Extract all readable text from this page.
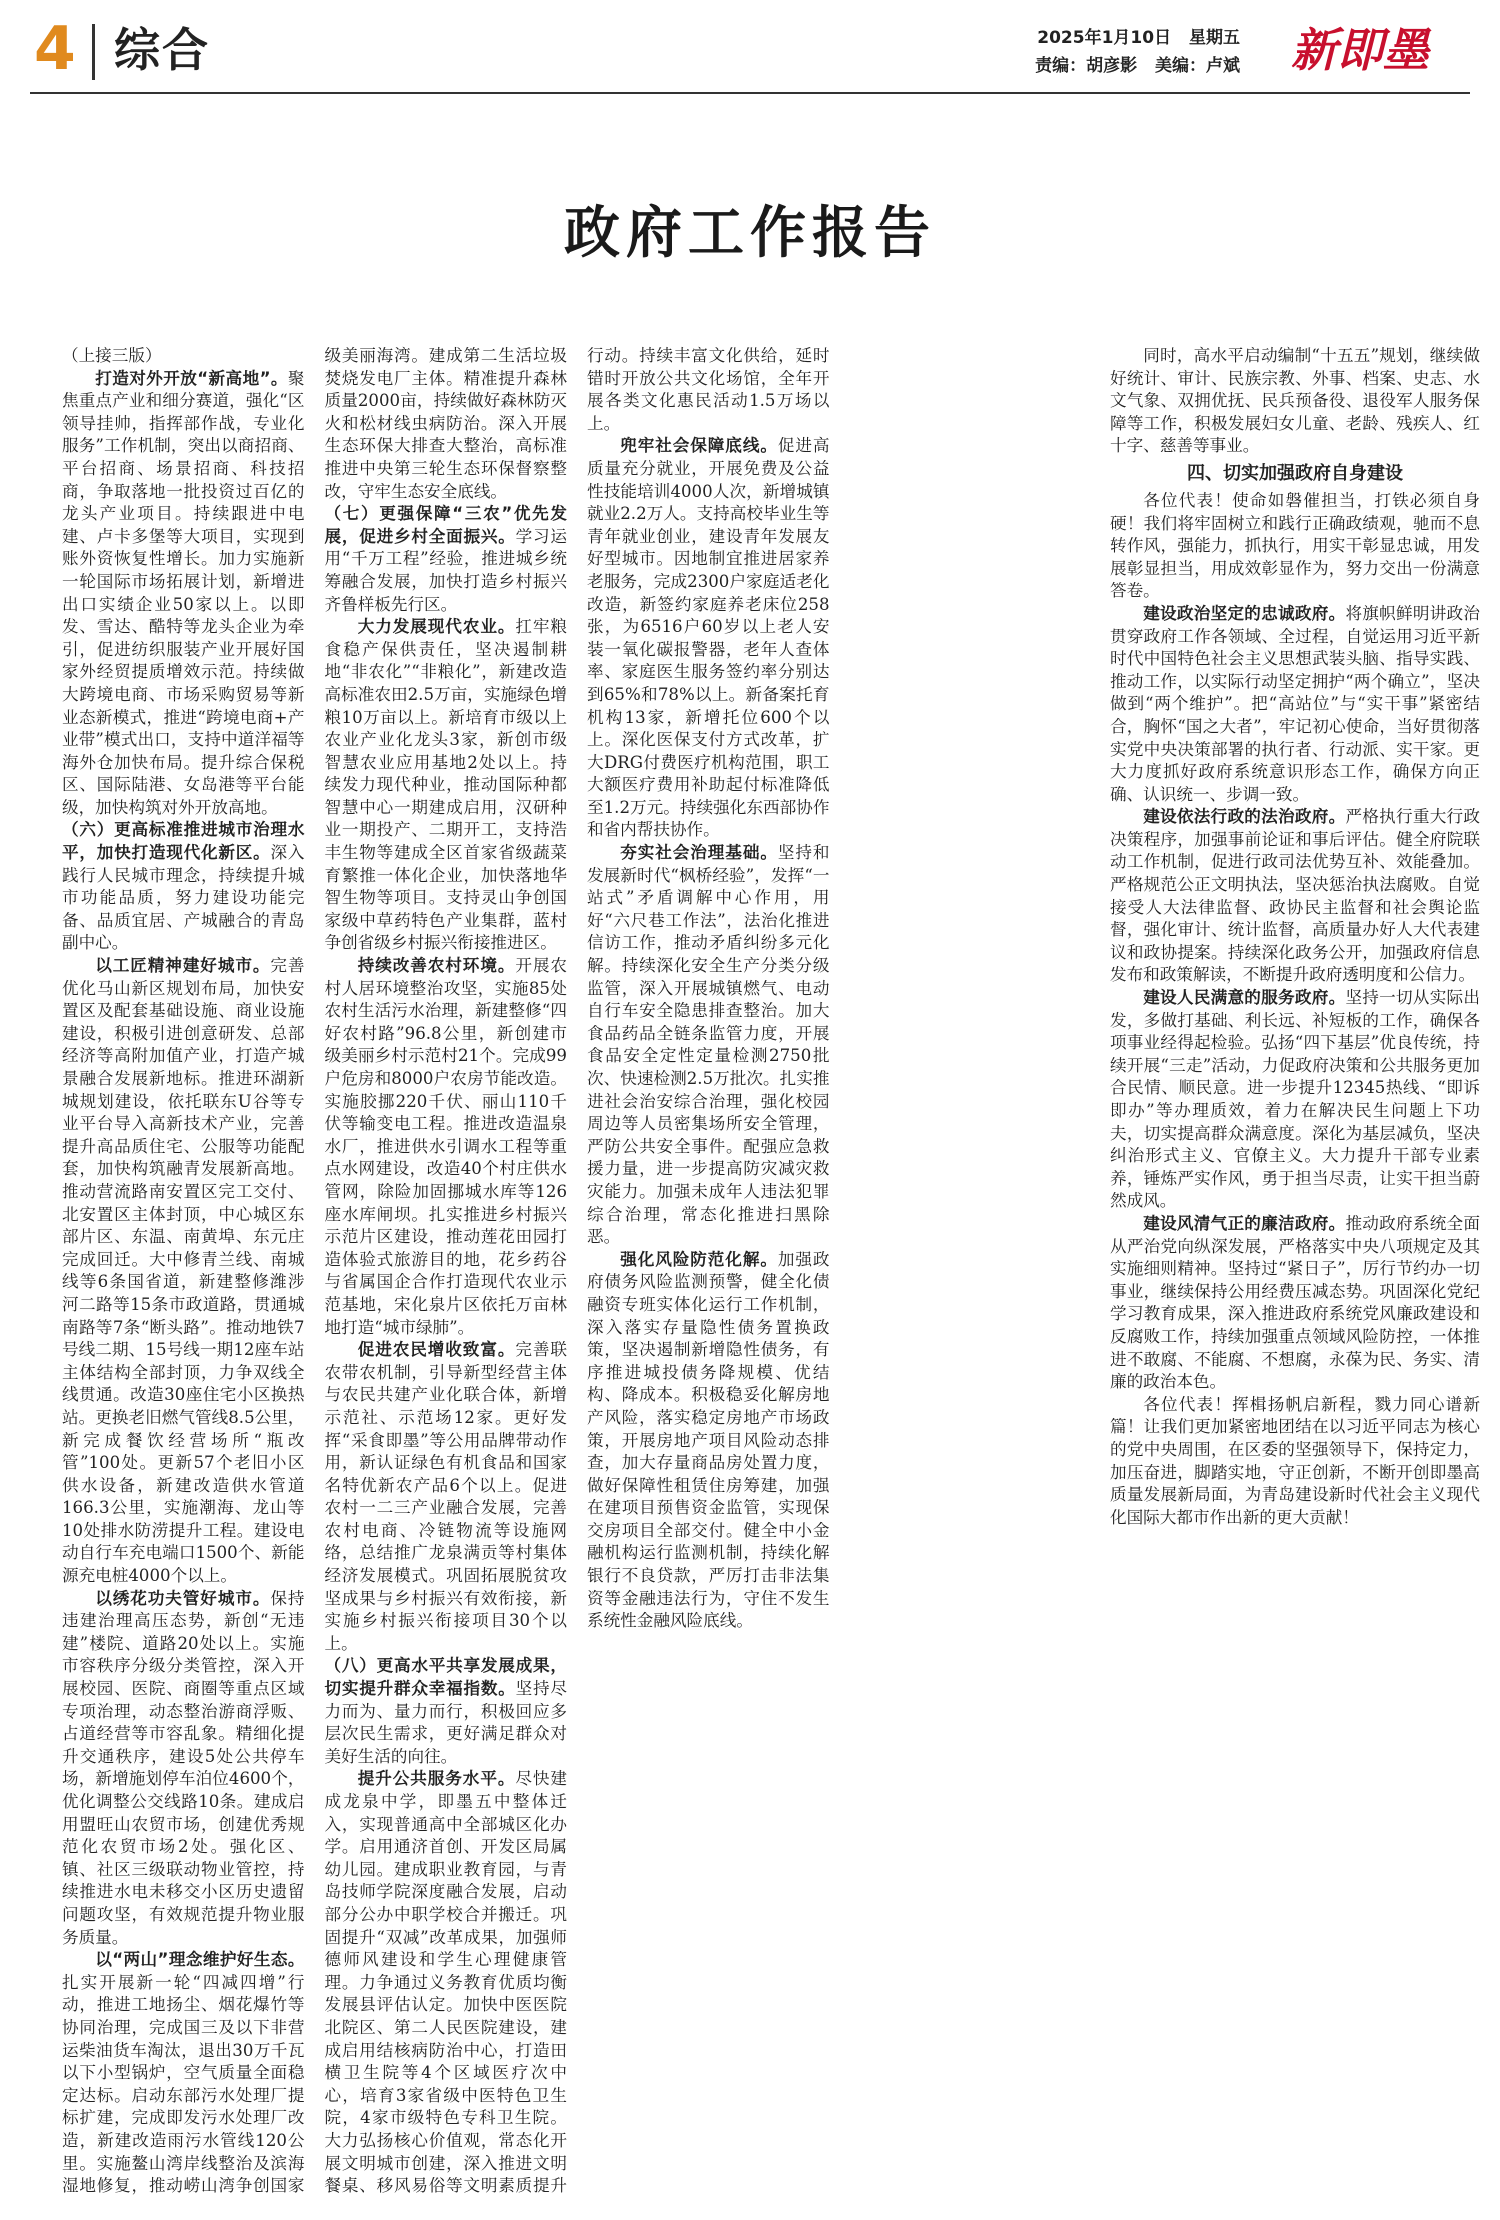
4 综合	2025年1月10日 星期五
责编：胡彦影 美编：卢斌 新即墨
政府工作报告

（上接三版）

打造对外开放“新高地”。聚焦重点产业和细分赛道，强化“区领导挂帅，指挥部作战，专业化服务”工作机制，突出以商招商、平台招商、场景招商、科技招商，争取落地一批投资过百亿的龙头产业项目。持续跟进中电建、卢卡多堡等大项目，实现到账外资恢复性增长。加力实施新一轮国际市场拓展计划，新增进出口实绩企业50家以上。以即发、雪达、酷特等龙头企业为牵引，促进纺织服装产业开展好国家外经贸提质增效示范。持续做大跨境电商、市场采购贸易等新业态新模式，推进“跨境电商+产业带”模式出口，支持中道洋福等海外仓加快布局。提升综合保税区、国际陆港、女岛港等平台能级，加快构筑对外开放高地。

（六）更高标准推进城市治理水平，加快打造现代化新区。深入践行人民城市理念，持续提升城市功能品质，努力建设功能完备、品质宜居、产城融合的青岛副中心。

以工匠精神建好城市。完善优化马山新区规划布局，加快安置区及配套基础设施、商业设施建设，积极引进创意研发、总部经济等高附加值产业，打造产城景融合发展新地标。推进环湖新城规划建设，依托联东U谷等专业平台导入高新技术产业，完善提升高品质住宅、公服等功能配套，加快构筑融青发展新高地。推动营流路南安置区完工交付、北安置区主体封顶，中心城区东部片区、东温、南黄埠、东元庄完成回迁。大中修青兰线、南城线等6条国省道，新建整修潍涉河二路等15条市政道路，贯通城南路等7条“断头路”。推动地铁7号线二期、15号线一期12座车站主体结构全部封顶，力争双线全线贯通。改造30座住宅小区换热站。更换老旧燃气管线8.5公里，新完成餐饮经营场所“瓶改管”100处。更新57个老旧小区供水设备，新建改造供水管道166.3公里，实施潮海、龙山等10处排水防涝提升工程。建设电动自行车充电端口1500个、新能源充电桩4000个以上。

以绣花功夫管好城市。保持违建治理高压态势，新创“无违建”楼院、道路20处以上。实施市容秩序分级分类管控，深入开展校园、医院、商圈等重点区域专项治理，动态整治游商浮贩、占道经营等市容乱象。精细化提升交通秩序，建设5处公共停车场，新增施划停车泊位4600个，优化调整公交线路10条。建成启用盟旺山农贸市场，创建优秀规范化农贸市场2处。强化区、镇、社区三级联动物业管控，持续推进水电未移交小区历史遗留问题攻坚，有效规范提升物业服务质量。

以“两山”理念维护好生态。扎实开展新一轮“四减四增”行动，推进工地扬尘、烟花爆竹等协同治理，完成国三及以下非营运柴油货车淘汰，退出30万千瓦以下小型锅炉，空气质量全面稳定达标。启动东部污水处理厂提标扩建，完成即发污水处理厂改造，新建改造雨污水管线120公里。实施鳌山湾岸线整治及滨海湿地修复，推动崂山湾争创国家级美丽海湾。建成第二生活垃圾焚烧发电厂主体。精准提升森林质量2000亩，持续做好森林防灭火和松材线虫病防治。深入开展生态环保大排查大整治，高标准推进中央第三轮生态环保督察整改，守牢生态安全底线。

（七）更强保障“三农”优先发展，促进乡村全面振兴。学习运用“千万工程”经验，推进城乡统筹融合发展，加快打造乡村振兴齐鲁样板先行区。

大力发展现代农业。扛牢粮食稳产保供责任，坚决遏制耕地“非农化”“非粮化”，新建改造高标准农田2.5万亩，实施绿色增粮10万亩以上。新培育市级以上农业产业化龙头3家，新创市级智慧农业应用基地2处以上。持续发力现代种业，推动国际种都智慧中心一期建成启用，汉研种业一期投产、二期开工，支持浩丰生物等建成全区首家省级蔬菜育繁推一体化企业，加快落地华智生物等项目。支持灵山争创国家级中草药特色产业集群，蓝村争创省级乡村振兴衔接推进区。

持续改善农村环境。开展农村人居环境整治攻坚，实施85处农村生活污水治理，新建整修“四好农村路”96.8公里，新创建市级美丽乡村示范村21个。完成99户危房和8000户农房节能改造。实施胶挪220千伏、丽山110千伏等输变电工程。推进改造温泉水厂，推进供水引调水工程等重点水网建设，改造40个村庄供水管网，除险加固挪城水库等126座水库闸坝。扎实推进乡村振兴示范片区建设，推动莲花田园打造体验式旅游目的地，花乡药谷与省属国企合作打造现代农业示范基地，宋化泉片区依托万亩林地打造“城市绿肺”。

促进农民增收致富。完善联农带农机制，引导新型经营主体与农民共建产业化联合体，新增示范社、示范场12家。更好发挥“采食即墨”等公用品牌带动作用，新认证绿色有机食品和国家名特优新农产品6个以上。促进农村一二三产业融合发展，完善农村电商、冷链物流等设施网络，总结推广龙泉满贡等村集体经济发展模式。巩固拓展脱贫攻坚成果与乡村振兴有效衔接，新实施乡村振兴衔接项目30个以上。

（八）更高水平共享发展成果，切实提升群众幸福指数。坚持尽力而为、量力而行，积极回应多层次民生需求，更好满足群众对美好生活的向往。

提升公共服务水平。尽快建成龙泉中学，即墨五中整体迁入，实现普通高中全部城区化办学。启用通济首创、开发区局属幼儿园。建成职业教育园，与青岛技师学院深度融合发展，启动部分公办中职学校合并搬迁。巩固提升“双减”改革成果，加强师德师风建设和学生心理健康管理。力争通过义务教育优质均衡发展县评估认定。加快中医医院北院区、第二人民医院建设，建成启用结核病防治中心，打造田横卫生院等4个区域医疗次中心，培育3家省级中医特色卫生院，4家市级特色专科卫生院。大力弘扬核心价值观，常态化开展文明城市创建，深入推进文明餐桌、移风易俗等文明素质提升行动。持续丰富文化供给，延时错时开放公共文化场馆，全年开展各类文化惠民活动1.5万场以上。

兜牢社会保障底线。促进高质量充分就业，开展免费及公益性技能培训4000人次，新增城镇就业2.2万人。支持高校毕业生等青年就业创业，建设青年发展友好型城市。因地制宜推进居家养老服务，完成2300户家庭适老化改造，新签约家庭养老床位258张，为6516户60岁以上老人安装一氧化碳报警器，老年人查体率、家庭医生服务签约率分别达到65%和78%以上。新备案托育机构13家，新增托位600个以上。深化医保支付方式改革，扩大DRG付费医疗机构范围，职工大额医疗费用补助起付标准降低至1.2万元。持续强化东西部协作和省内帮扶协作。

夯实社会治理基础。坚持和发展新时代“枫桥经验”，发挥“一站式”矛盾调解中心作用，用好“六尺巷工作法”，法治化推进信访工作，推动矛盾纠纷多元化解。持续深化安全生产分类分级监管，深入开展城镇燃气、电动自行车安全隐患排查整治。加大食品药品全链条监管力度，开展食品安全定性定量检测2750批次、快速检测2.5万批次。扎实推进社会治安综合治理，强化校园周边等人员密集场所安全管理，严防公共安全事件。配强应急救援力量，进一步提高防灾减灾救灾能力。加强未成年人违法犯罪综合治理，常态化推进扫黑除恶。

强化风险防范化解。加强政府债务风险监测预警，健全化债融资专班实体化运行工作机制，深入落实存量隐性债务置换政策，坚决遏制新增隐性债务，有序推进城投债务降规模、优结构、降成本。积极稳妥化解房地产风险，落实稳定房地产市场政策，开展房地产项目风险动态排查，加大存量商品房处置力度，做好保障性租赁住房筹建，加强在建项目预售资金监管，实现保交房项目全部交付。健全中小金融机构运行监测机制，持续化解银行不良贷款，严厉打击非法集资等金融违法行为，守住不发生系统性金融风险底线。

同时，高水平启动编制“十五五”规划，继续做好统计、审计、民族宗教、外事、档案、史志、水文气象、双拥优抚、民兵预备役、退役军人服务保障等工作，积极发展妇女儿童、老龄、残疾人、红十字、慈善等事业。

四、切实加强政府自身建设

各位代表！使命如磐催担当，打铁必须自身硬！我们将牢固树立和践行正确政绩观，驰而不息转作风，强能力，抓执行，用实干彰显忠诚，用发展彰显担当，用成效彰显作为，努力交出一份满意答卷。

建设政治坚定的忠诚政府。将旗帜鲜明讲政治贯穿政府工作各领域、全过程，自觉运用习近平新时代中国特色社会主义思想武装头脑、指导实践、推动工作，以实际行动坚定拥护“两个确立”，坚决做到“两个维护”。把“高站位”与“实干事”紧密结合，胸怀“国之大者”，牢记初心使命，当好贯彻落实党中央决策部署的执行者、行动派、实干家。更大力度抓好政府系统意识形态工作，确保方向正确、认识统一、步调一致。

建设依法行政的法治政府。严格执行重大行政决策程序，加强事前论证和事后评估。健全府院联动工作机制，促进行政司法优势互补、效能叠加。严格规范公正文明执法，坚决惩治执法腐败。自觉接受人大法律监督、政协民主监督和社会舆论监督，强化审计、统计监督，高质量办好人大代表建议和政协提案。持续深化政务公开，加强政府信息发布和政策解读，不断提升政府透明度和公信力。

建设人民满意的服务政府。坚持一切从实际出发，多做打基础、利长远、补短板的工作，确保各项事业经得起检验。弘扬“四下基层”优良传统，持续开展“三走”活动，力促政府决策和公共服务更加合民情、顺民意。进一步提升12345热线、“即诉即办”等办理质效，着力在解决民生问题上下功夫，切实提高群众满意度。深化为基层减负，坚决纠治形式主义、官僚主义。大力提升干部专业素养，锤炼严实作风，勇于担当尽责，让实干担当蔚然成风。

建设风清气正的廉洁政府。推动政府系统全面从严治党向纵深发展，严格落实中央八项规定及其实施细则精神。坚持过“紧日子”，厉行节约办一切事业，继续保持公用经费压减态势。巩固深化党纪学习教育成果，深入推进政府系统党风廉政建设和反腐败工作，持续加强重点领域风险防控，一体推进不敢腐、不能腐、不想腐，永葆为民、务实、清廉的政治本色。

各位代表！挥楫扬帆启新程，戮力同心谱新篇！让我们更加紧密地团结在以习近平同志为核心的党中央周围，在区委的坚强领导下，保持定力，加压奋进，脚踏实地，守正创新，不断开创即墨高质量发展新局面，为青岛建设新时代社会主义现代化国际大都市作出新的更大贡献！
